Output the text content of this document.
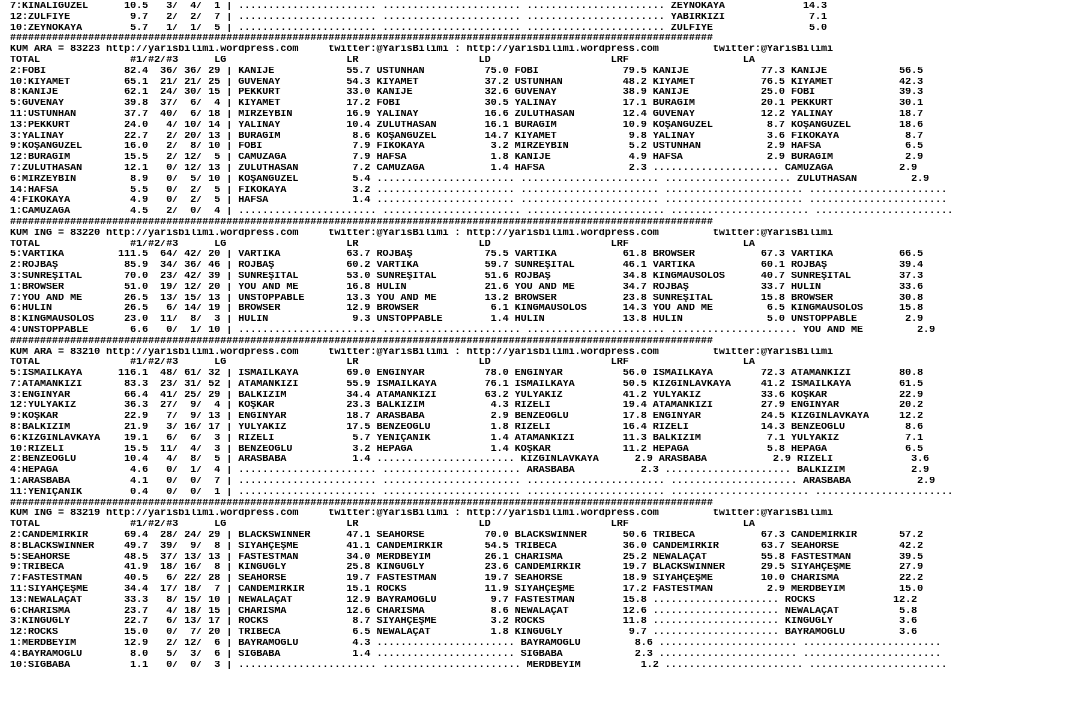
7:KINALIGÜZEL      10.5   3/  4/  1 | ....................... ....................... ....................... ZEYNOKAYA             14.3
12:ZÜLFİYE          9.7   2/  2/  7 | ....................... ....................... ....................... YABIRKIZI              7.1
10:ZEYNOKAYA        5.7   1/  1/  5 | ....................... ....................... ....................... ZÜLFİYE                5.0
#####################################################################################################################
KUM ARA = 83223 http://yarisbilimi.wordpress.com     twitter:@YarisBilimi : http://yarisbilimi.wordpress.com         twitter:@YarisBilimi
TOTAL               #1/#2/#3      LG                    LR                    LD                    LRF                   LA
2:FOBİ             82.4  36/ 36/ 29 | KANİJE            55.7 ÜSTÜNHAN          75.0 FOBİ              79.5 KANİJE            77.3 KANİJE            56.5
10:KIYAMET         65.1  21/ 21/ 25 | GÜVENAY           54.3 KIYAMET           37.2 ÜSTÜNHAN          48.2 KIYAMET           76.5 KIYAMET           42.3
8:KANİJE           62.1  24/ 30/ 15 | PEKKURT           33.0 KANİJE            32.6 GÜVENAY           38.9 KANİJE            25.0 FOBİ              39.3
5:GÜVENAY          39.8  37/  6/  4 | KIYAMET           17.2 FOBİ              30.5 YALINAY           17.1 BURAĞIM           20.1 PEKKURT           30.1
11:ÜSTÜNHAN        37.7  40/  6/ 18 | MİRZEYBİN         16.9 YALINAY           16.6 ZULUTHASAN        12.4 GÜVENAY           12.2 YALINAY           18.7
13:PEKKURT         24.0   4/ 10/ 14 | YALINAY           10.4 ZULUTHASAN        16.1 BURAĞIM           10.9 KOŞANGÜZEL         8.7 KOŞANGÜZEL        18.6
3:YALINAY          22.7   2/ 20/ 13 | BURAĞIM            8.6 KOŞANGÜZEL        14.7 KIYAMET            9.8 YALINAY            3.6 FİKOKAYA           8.7
9:KOŞANGÜZEL       16.0   2/  8/ 10 | FOBİ               7.9 FİKOKAYA           3.2 MİRZEYBİN          5.2 ÜSTÜNHAN           2.9 HAFSA              6.5
12:BURAĞIM         15.5   2/ 12/  5 | CAMUZAĞA           7.9 HAFSA              1.8 KANİJE             4.9 HAFSA              2.9 BURAĞIM            2.9
7:ZULUTHASAN       12.1   0/ 12/ 13 | ZULUTHASAN         7.2 CAMUZAĞA           1.4 HAFSA              2.3 ..................... CAMUZAĞA           2.9
6:MİRZEYBİN         8.9   0/  5/ 10 | KOŞANGÜZEL         5.4 ....................... ....................... ..................... ZULUTHASAN         2.9
14:HAFSA            5.5   0/  2/  5 | FİKOKAYA           3.2 ....................... ....................... ....................... .......................
4:FİKOKAYA          4.9   0/  2/  5 | HAFSA              1.4 ....................... ....................... ....................... .......................
1:CAMUZAĞA          4.5   2/  0/  4 | ....................... ....................... ....................... ....................... .......................
#####################################################################################################################
KUM İNG = 83220 http://yarisbilimi.wordpress.com     twitter:@YarisBilimi : http://yarisbilimi.wordpress.com         twitter:@YarisBilimi
TOTAL               #1/#2/#3      LG                    LR                    LD                    LRF                   LA
5:VARTİKA         111.5  64/ 42/ 20 | VARTİKA           63.7 ROJBAŞ            75.5 VARTİKA           61.8 BROWSER           67.3 VARTİKA           66.5
2:ROJBAŞ           85.9  34/ 36/ 46 | ROJBAŞ            60.2 VARTİKA           59.7 SUNREŞİTAL        46.1 VARTİKA           60.1 ROJBAŞ            39.4
3:SUNREŞİTAL       70.0  23/ 42/ 39 | SUNREŞİTAL        53.0 SUNREŞİTAL        51.6 ROJBAŞ            34.8 KINGMAUSOLOS      40.7 SUNREŞİTAL        37.3
1:BROWSER          51.0  19/ 12/ 20 | YOU AND ME        16.8 HULİN             21.6 YOU AND ME        34.7 ROJBAŞ            33.7 HULİN             33.6
7:YOU AND ME       26.5  13/ 15/ 13 | UNSTOPPABLE       13.3 YOU AND ME        13.2 BROWSER           23.8 SUNREŞİTAL        15.8 BROWSER           30.8
6:HULİN            26.5   6/ 14/ 19 | BROWSER           12.9 BROWSER            6.1 KINGMAUSOLOS      14.3 YOU AND ME         6.5 KINGMAUSOLOS      15.8
8:KINGMAUSOLOS     23.0  11/  8/  3 | HULİN              9.3 UNSTOPPABLE        1.4 HULİN             13.8 HULİN              5.0 UNSTOPPABLE        2.9
4:UNSTOPPABLE       6.6   0/  1/ 10 | ....................... ....................... ....................... ..................... YOU AND ME         2.9
#####################################################################################################################
KUM ARA = 83210 http://yarisbilimi.wordpress.com     twitter:@YarisBilimi : http://yarisbilimi.wordpress.com         twitter:@YarisBilimi
TOTAL               #1/#2/#3      LG                    LR                    LD                    LRF                   LA
5:İSMAİLKAYA      116.1  48/ 61/ 32 | İSMAİLKAYA        69.0 ENGİNYAR          78.0 ENGİNYAR          56.0 İSMAİLKAYA        72.3 ATAMANKIZI        80.8
7:ATAMANKIZI       83.3  23/ 31/ 52 | ATAMANKIZI        55.9 İSMAİLKAYA        76.1 İSMAİLKAYA        50.5 KIZGINLAVKAYA     41.2 İSMAİLKAYA        61.5
3:ENGİNYAR         66.4  41/ 25/ 29 | BALKIZIM          34.4 ATAMANKIZI        63.2 YULYAKIZ          41.2 YULYAKIZ          33.6 KÖŞKAR            22.9
12:YULYAKIZ        36.3  27/  9/  4 | KÖŞKAR            23.3 BALKIZIM           4.3 RİZELİ            19.4 ATAMANKIZI        27.9 ENGİNYAR          20.2
9:KÖŞKAR           22.9   7/  9/ 13 | ENGİNYAR          18.7 ARASBABA           2.9 BENZEOĞLU         17.8 ENGİNYAR          24.5 KIZGINLAVKAYA     12.2
8:BALKIZIM         21.9   3/ 16/ 17 | YULYAKIZ          17.5 BENZEOĞLU          1.8 RİZELİ            16.4 RİZELİ            14.3 BENZEOĞLU          8.6
6:KIZGINLAVKAYA    19.1   6/  6/  3 | RİZELİ             5.7 YENİÇANİK          1.4 ATAMANKIZI        11.3 BALKIZIM           7.1 YULYAKIZ           7.1
10:RİZELİ          15.5  11/  4/  3 | BENZEOĞLU          3.2 HEPAĞA             1.4 KÖŞKAR            11.2 HEPAĞA             5.8 HEPAĞA             6.5
2:BENZEOĞLU        10.4   4/  8/  5 | ARASBABA           1.4 ....................... KIZGINLAVKAYA      2.9 ARASBABA           2.9 RİZELİ             3.6
4:HEPAĞA            4.6   0/  1/  4 | ....................... ....................... ARASBABA           2.3 ..................... BALKIZIM           2.9
1:ARASBABA          4.1   0/  0/  7 | ....................... ....................... ....................... ..................... ARASBABA           2.9
11:YENİÇANİK        0.4   0/  0/  1 | ....................... ....................... ....................... ....................... .......................
#####################################################################################################################
KUM İNG = 83219 http://yarisbilimi.wordpress.com     twitter:@YarisBilimi : http://yarisbilimi.wordpress.com         twitter:@YarisBilimi
TOTAL               #1/#2/#3      LG                    LR                    LD                    LRF                   LA
2:CANDEMİRKIR      69.4  28/ 24/ 29 | BLACKSWINNER      47.1 SEAHORSE          70.0 BLACKSWINNER      50.6 TRIBECA           67.3 CANDEMİRKIR       57.2
8:BLACKSWINNER     49.7  39/  9/  8 | SİYAHÇEŞME        41.1 CANDEMİRKIR       54.5 TRIBECA           36.0 CANDEMİRKIR       63.7 SEAHORSE          42.2
5:SEAHORSE         48.5  37/ 13/ 13 | FASTESTMAN        34.0 MERDBEYİM         26.1 CHARISMA          25.2 NEWALAÇAT         55.8 FASTESTMAN        39.5
9:TRIBECA          41.9  18/ 16/  8 | KINGUGLY          25.8 KINGUGLY          23.6 CANDEMİRKIR       19.7 BLACKSWINNER      29.5 SİYAHÇEŞME        27.9
7:FASTESTMAN       40.5   6/ 22/ 28 | SEAHORSE          19.7 FASTESTMAN        19.7 SEAHORSE          18.9 SİYAHÇEŞME        10.0 CHARISMA          22.2
11:SİYAHÇEŞME      34.4  17/ 18/  7 | CANDEMİRKIR       15.1 ROCKS             11.9 SİYAHÇEŞME        17.2 FASTESTMAN         2.9 MERDBEYİM         15.0
13:NEWALAÇAT       33.3   8/ 15/ 10 | NEWALAÇAT         12.9 BAYRAMOĞLU         9.7 FASTESTMAN        15.8 ..................... ROCKS             12.2
6:CHARISMA         23.7   4/ 18/ 15 | CHARISMA          12.6 CHARISMA           8.6 NEWALAÇAT         12.6 ..................... NEWALAÇAT          5.8
3:KINGUGLY         22.7   6/ 13/ 17 | ROCKS              8.7 SİYAHÇEŞME         3.2 ROCKS             11.8 ..................... KINGUGLY           3.6
12:ROCKS           15.0   0/  7/ 20 | TRIBECA            6.5 NEWALAÇAT          1.8 KINGUGLY           9.7 ..................... BAYRAMOĞLU         3.6
1:MERDBEYİM        12.9   2/ 12/  6 | BAYRAMOĞLU         4.3 ....................... BAYRAMOĞLU         8.6 ....................... .......................
4:BAYRAMOĞLU        8.0   5/  3/  6 | SIĞBABA            1.4 ....................... SIĞBABA            2.3 ....................... .......................
10:SIĞBABA          1.1   0/  0/  3 | ....................... ....................... MERDBEYİM          1.2 ....................... .......................
